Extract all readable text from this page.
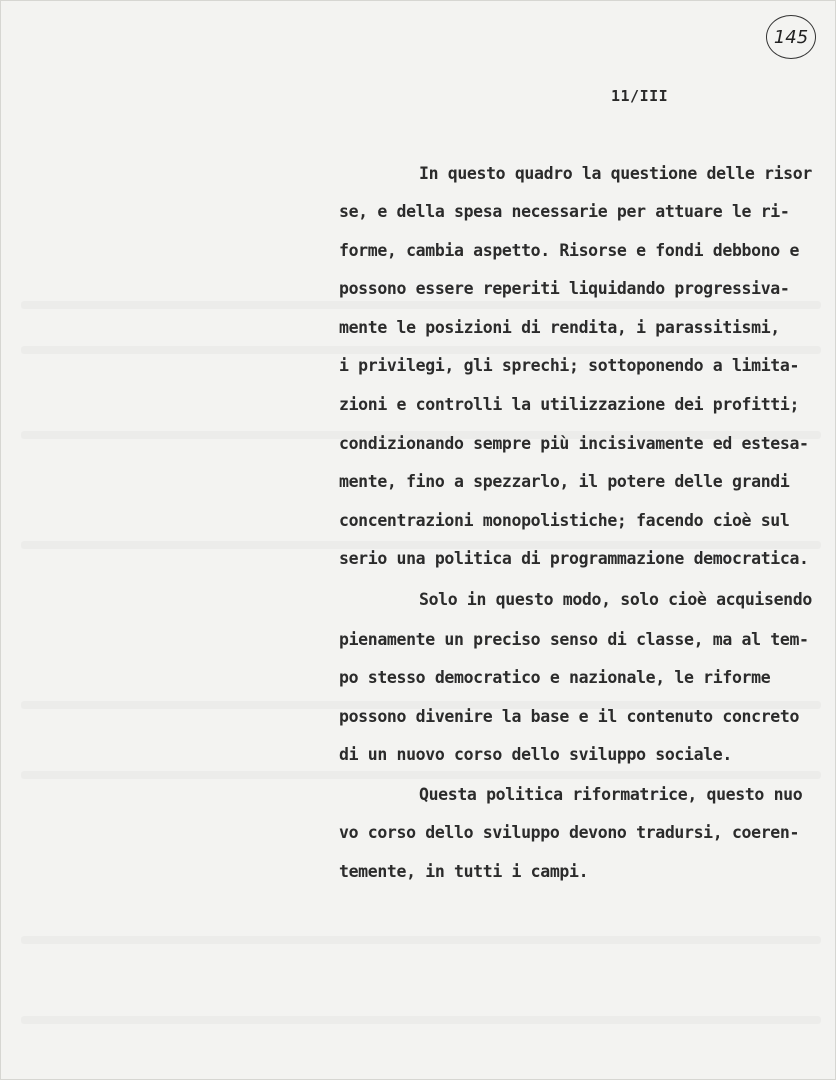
145
11/III
In questo quadro la questione delle risor
se, e della spesa necessarie per attuare le ri-
forme, cambia aspetto. Risorse e fondi debbono e
possono essere reperiti liquidando progressiva-
mente le posizioni di rendita, i parassitismi,
i privilegi, gli sprechi; sottoponendo a limita-
zioni e controlli la utilizzazione dei profitti;
condizionando sempre più incisivamente ed estesa-
mente, fino a spezzarlo, il potere delle grandi
concentrazioni monopolistiche; facendo cioè sul
serio una politica di programmazione democratica.
Solo in questo modo, solo cioè acquisendo
pienamente un preciso senso di classe, ma al tem-
po stesso democratico e nazionale, le riforme
possono divenire la base e il contenuto concreto
di un nuovo corso dello sviluppo sociale.
Questa politica riformatrice, questo nuo
vo corso dello sviluppo devono tradursi, coeren-
temente, in tutti i campi.
